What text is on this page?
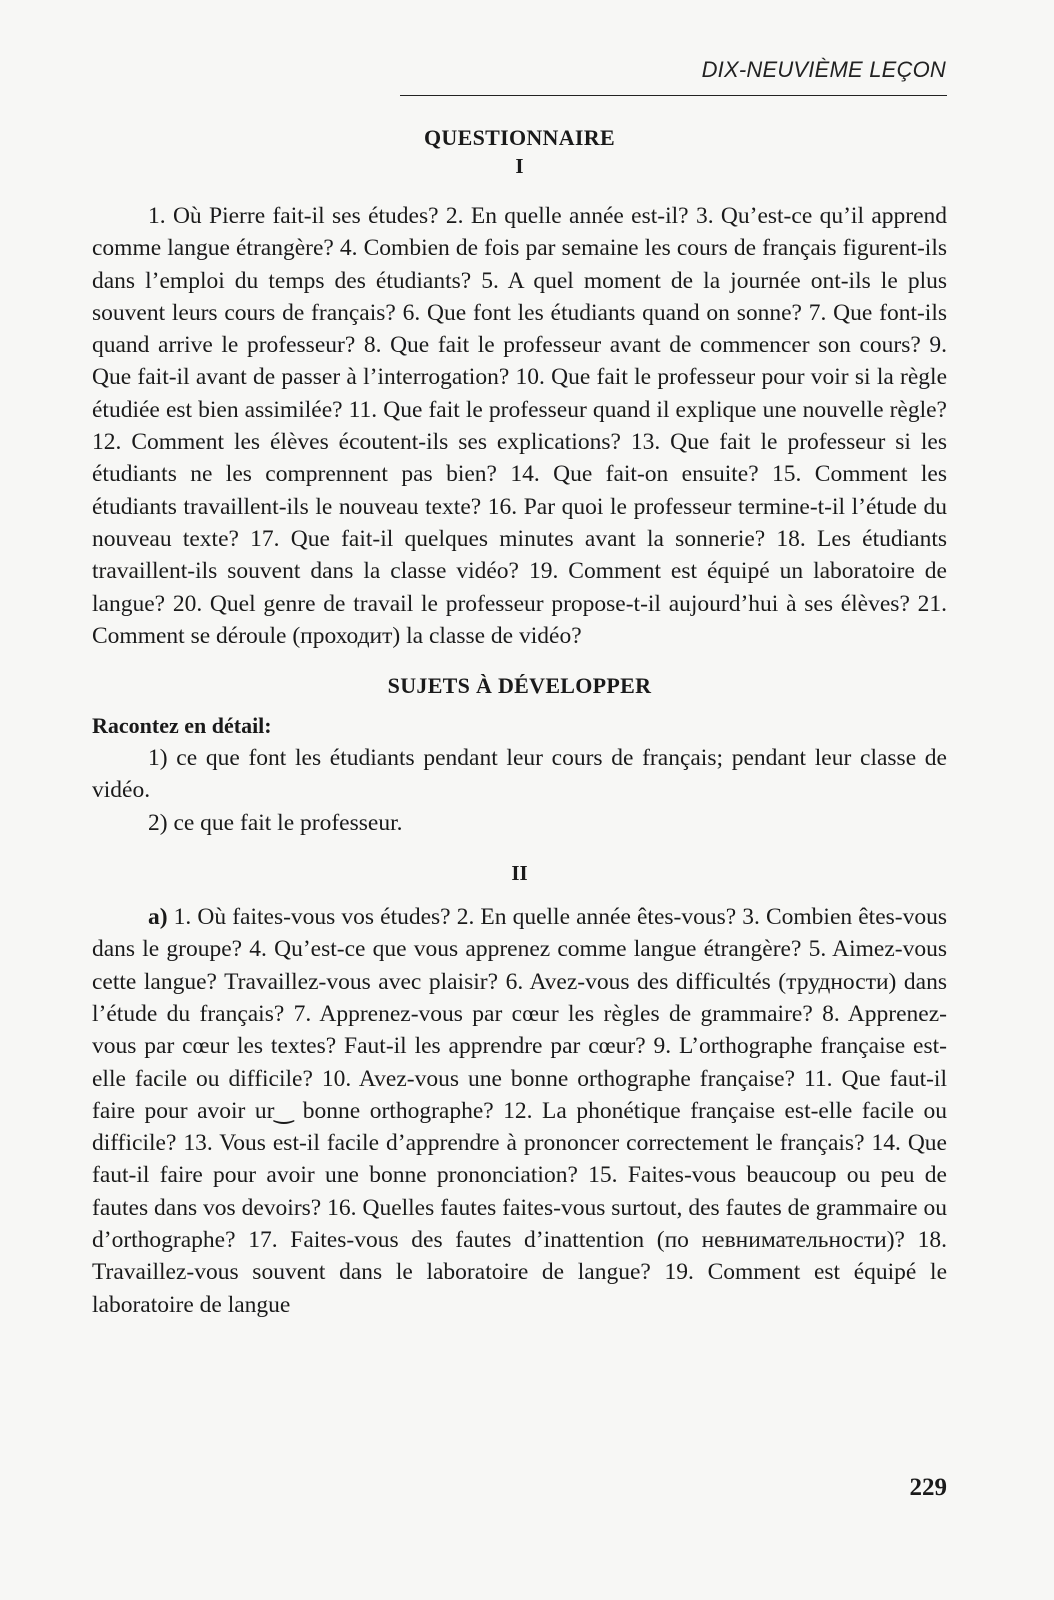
DIX-NEUVIÈME LEÇON
QUESTIONNAIRE
I

1. Où Pierre fait-il ses études? 2. En quelle année est-il? 3. Qu’est-ce qu’il apprend comme langue étrangère? 4. Combien de fois par semaine les cours de français figurent-ils dans l’emploi du temps des étudiants? 5. A quel moment de la journée ont-ils le plus souvent leurs cours de français? 6. Que font les étudiants quand on sonne? 7. Que font-ils quand arrive le professeur? 8. Que fait le professeur avant de commencer son cours? 9. Que fait-il avant de passer à l’interrogation? 10. Que fait le professeur pour voir si la règle étudiée est bien assimilée? 11. Que fait le professeur quand il explique une nouvelle règle? 12. Comment les élèves écoutent-ils ses explications? 13. Que fait le professeur si les étudiants ne les comprennent pas bien? 14. Que fait-on ensuite? 15. Comment les étudiants travaillent-ils le nouveau texte? 16. Par quoi le professeur termine-t-il l’étude du nouveau texte? 17. Que fait-il quelques minutes avant la sonnerie? 18. Les étudiants travaillent-ils souvent dans la classe vidéo? 19. Comment est équipé un laboratoire de langue? 20. Quel genre de travail le professeur propose-t-il aujourd’hui à ses élèves? 21. Comment se déroule (проходит) la classe de vidéo?

SUJETS À DÉVELOPPER
Racontez en détail:

1) ce que font les étudiants pendant leur cours de français; pendant leur classe de vidéo.

2) ce que fait le professeur.

II

a) 1. Où faites-vous vos études? 2. En quelle année êtes-vous? 3. Combien êtes-vous dans le groupe? 4. Qu’est-ce que vous apprenez comme langue étrangère? 5. Aimez-vous cette langue? Travaillez-vous avec plaisir? 6. Avez-vous des difficultés (трудности) dans l’étude du français? 7. Apprenez-vous par cœur les règles de grammaire? 8. Apprenez-vous par cœur les textes? Faut-il les apprendre par cœur? 9. L’orthographe française est-elle facile ou difficile? 10. Avez-vous une bonne orthographe française? 11. Que faut-il faire pour avoir ur‿ bonne orthographe? 12. La phonétique française est-elle facile ou difficile? 13. Vous est-il facile d’apprendre à prononcer correctement le français? 14. Que faut-il faire pour avoir une bonne prononciation? 15. Faites-vous beaucoup ou peu de fautes dans vos devoirs? 16. Quelles fautes faites-vous surtout, des fautes de grammaire ou d’orthographe? 17. Faites-vous des fautes d’inattention (по невнимательности)? 18. Travaillez-vous souvent dans le laboratoire de langue? 19. Comment est équipé le laboratoire de langue

229
